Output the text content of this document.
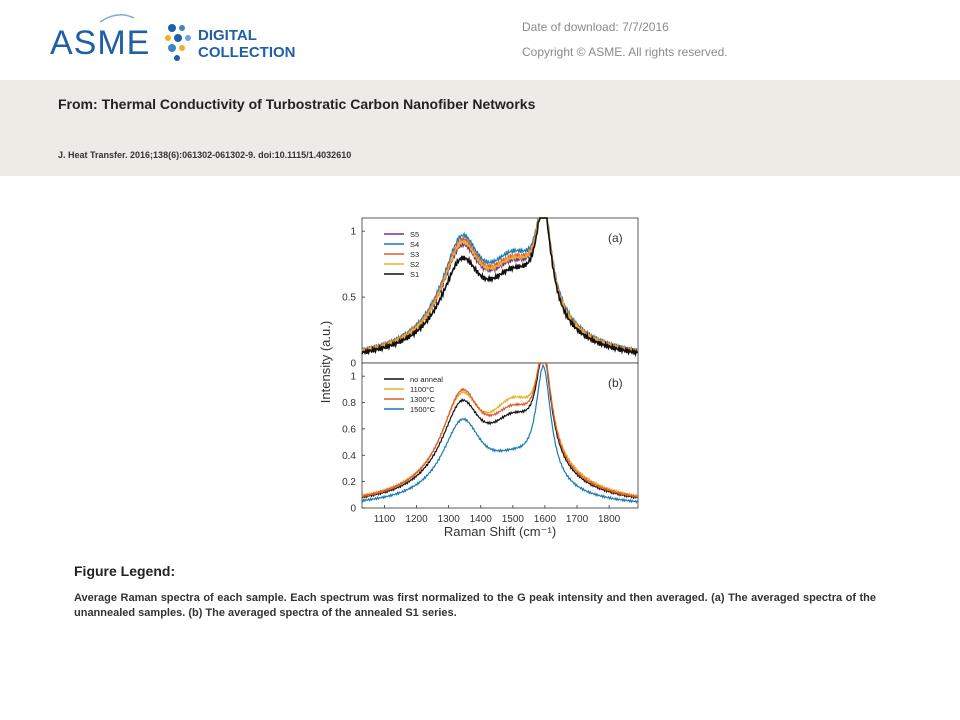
ASME	DIGITAL
COLLECTION
Date of download: 7/7/2016
Copyright © ASME. All rights reserved.
From: Thermal Conductivity of Turbostratic Carbon Nanofiber Networks
J. Heat Transfer. 2016;138(6):061302-061302-9. doi:10.1115/1.4032610
Intensity (a.u.)
Raman Shift (cm⁻¹)
0
0.5
1	S5
S4
S3
S2
S1
(a)
0
0.2
0.4
0.6
0.8
1
1100 1200 1300 1400 1500 1600 1700 1800
no anneal
1100°C
1300°C
1500°C
(b)
Figure Legend:
Average Raman spectra of each sample. Each spectrum was first normalized to the G peak intensity and then averaged. (a) The averaged spectra of the unannealed samples. (b) The averaged spectra of the annealed S1 series.
